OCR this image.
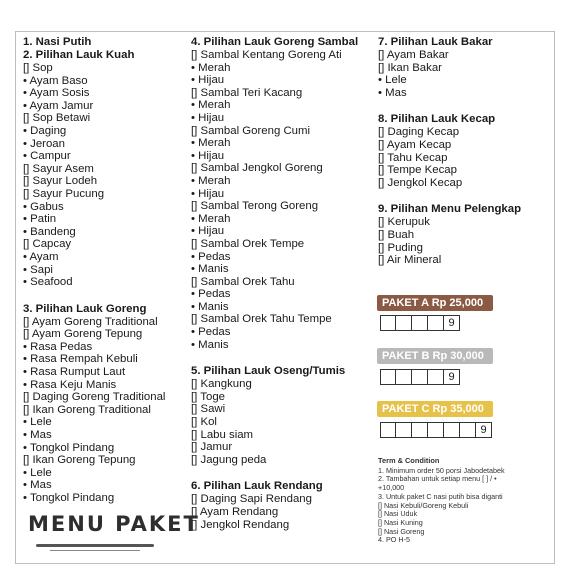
1. Nasi Putih
2. Pilihan Lauk Kuah
[] Sop
• Ayam Baso
• Ayam Sosis
• Ayam Jamur
[] Sop Betawi
• Daging
• Jeroan
• Campur
[] Sayur Asem
[] Sayur Lodeh
[] Sayur Pucung
• Gabus
• Patin
• Bandeng
[] Capcay
• Ayam
• Sapi
• Seafood
3. Pilihan Lauk Goreng
[] Ayam Goreng Traditional
[] Ayam Goreng Tepung
• Rasa Pedas
• Rasa Rempah Kebuli
• Rasa Rumput Laut
• Rasa Keju Manis
[] Daging Goreng Traditional
[] Ikan Goreng Traditional
• Lele
• Mas
• Tongkol Pindang
[] Ikan Goreng Tepung
• Lele
• Mas
• Tongkol Pindang
4. Pilihan Lauk Goreng Sambal
[] Sambal Kentang Goreng Ati
• Merah
• Hijau
[] Sambal Teri Kacang
• Merah
• Hijau
[] Sambal Goreng Cumi
• Merah
• Hijau
[] Sambal Jengkol Goreng
• Merah
• Hijau
[] Sambal Terong Goreng
• Merah
• Hijau
[] Sambal Orek Tempe
• Pedas
• Manis
[] Sambal Orek Tahu
• Pedas
• Manis
[] Sambal Orek Tahu Tempe
• Pedas
• Manis
5. Pilihan Lauk Oseng/Tumis
[] Kangkung
[] Toge
[] Sawi
[] Kol
[] Labu siam
[] Jamur
[] Jagung peda
6. Pilihan Lauk Rendang
[] Daging Sapi Rendang
[] Ayam Rendang
[] Jengkol Rendang
7. Pilihan Lauk Bakar
[] Ayam Bakar
[] Ikan Bakar
• Lele
• Mas
8. Pilihan Lauk Kecap
[] Daging Kecap
[] Ayam Kecap
[] Tahu Kecap
[] Tempe Kecap
[] Jengkol Kecap
9. Pilihan Menu Pelengkap
[] Kerupuk
[] Buah
[] Puding
[] Air Mineral
PAKET A Rp 25,000
9
PAKET B Rp 30,000
9
PAKET C Rp 35,000
9
Term & Condition
1. Minimum order 50 porsi Jabodetabek
2. Tambahan untuk setiap menu [ ] / •
+10,000
3. Untuk paket C nasi putih bisa diganti
[] Nasi Kebuli/Goreng Kebuli
[] Nasi Uduk
[] Nasi Kuning
[] Nasi Goreng
4. PO H-5
MENU PAKET
